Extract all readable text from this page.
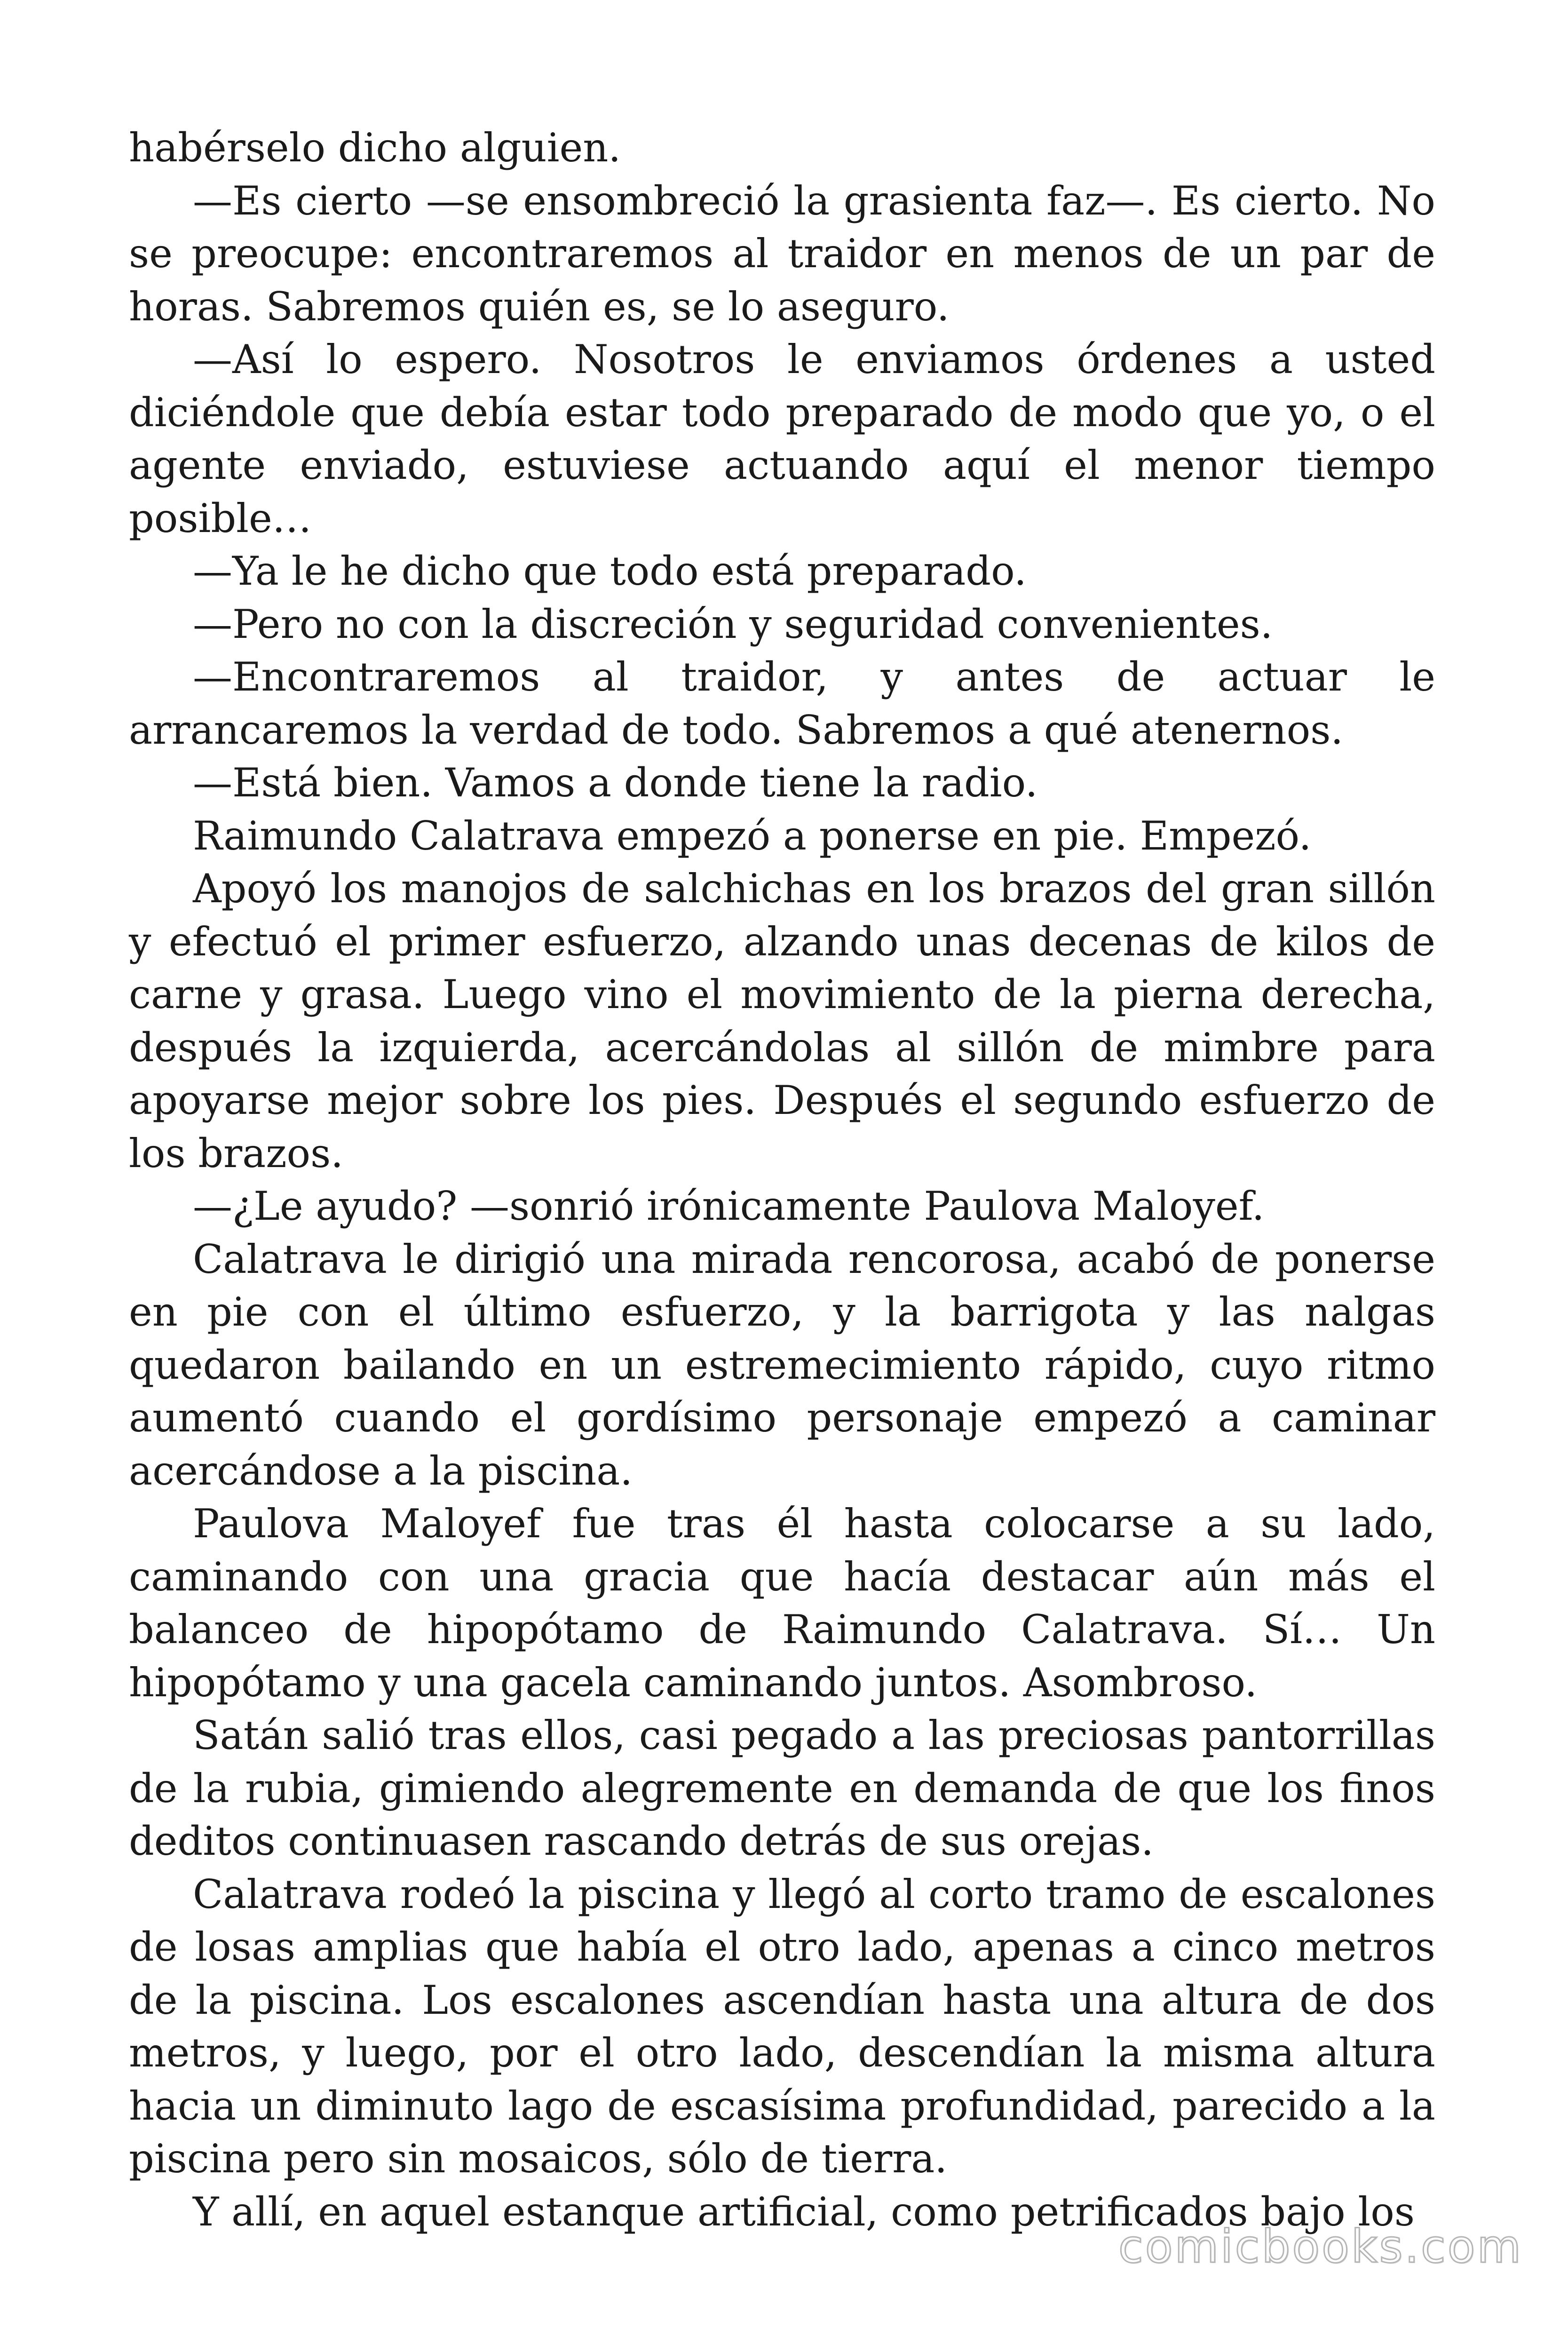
habérselo dicho alguien.

—Es cierto —se ensombreció la grasienta faz—. Es cierto. No se preocupe: encontraremos al traidor en menos de un par de horas. Sabremos quién es, se lo aseguro.

—Así lo espero. Nosotros le enviamos órdenes a usted diciéndole que debía estar todo preparado de modo que yo, o el agente enviado, estuviese actuando aquí el menor tiempo posible…

—Ya le he dicho que todo está preparado.

—Pero no con la discreción y seguridad convenientes.

—Encontraremos al traidor, y antes de actuar le arrancaremos la verdad de todo. Sabremos a qué atenernos.

—Está bien. Vamos a donde tiene la radio.

Raimundo Calatrava empezó a ponerse en pie. Empezó.

Apoyó los manojos de salchichas en los brazos del gran sillón y efectuó el primer esfuerzo, alzando unas decenas de kilos de carne y grasa. Luego vino el movimiento de la pierna derecha, después la izquierda, acercándolas al sillón de mimbre para apoyarse mejor sobre los pies. Después el segundo esfuerzo de los brazos.

—¿Le ayudo? —sonrió irónicamente Paulova Maloyef.

Calatrava le dirigió una mirada rencorosa, acabó de ponerse en pie con el último esfuerzo, y la barrigota y las nalgas quedaron bailando en un estremecimiento rápido, cuyo ritmo aumentó cuando el gordísimo personaje empezó a caminar acercándose a la piscina.

Paulova Maloyef fue tras él hasta colocarse a su lado, caminando con una gracia que hacía destacar aún más el balanceo de hipopótamo de Raimundo Calatrava. Sí… Un hipopótamo y una gacela caminando juntos. Asombroso.

Satán salió tras ellos, casi pegado a las preciosas pantorrillas de la rubia, gimiendo alegremente en demanda de que los finos deditos continuasen rascando detrás de sus orejas.

Calatrava rodeó la piscina y llegó al corto tramo de escalones de losas amplias que había el otro lado, apenas a cinco metros de la piscina. Los escalones ascendían hasta una altura de dos metros, y luego, por el otro lado, descendían la misma altura hacia un diminuto lago de escasísima profundidad, parecido a la piscina pero sin mosaicos, sólo de tierra.

Y allí, en aquel estanque artificial, como petrificados bajo los

comicbooks.com
